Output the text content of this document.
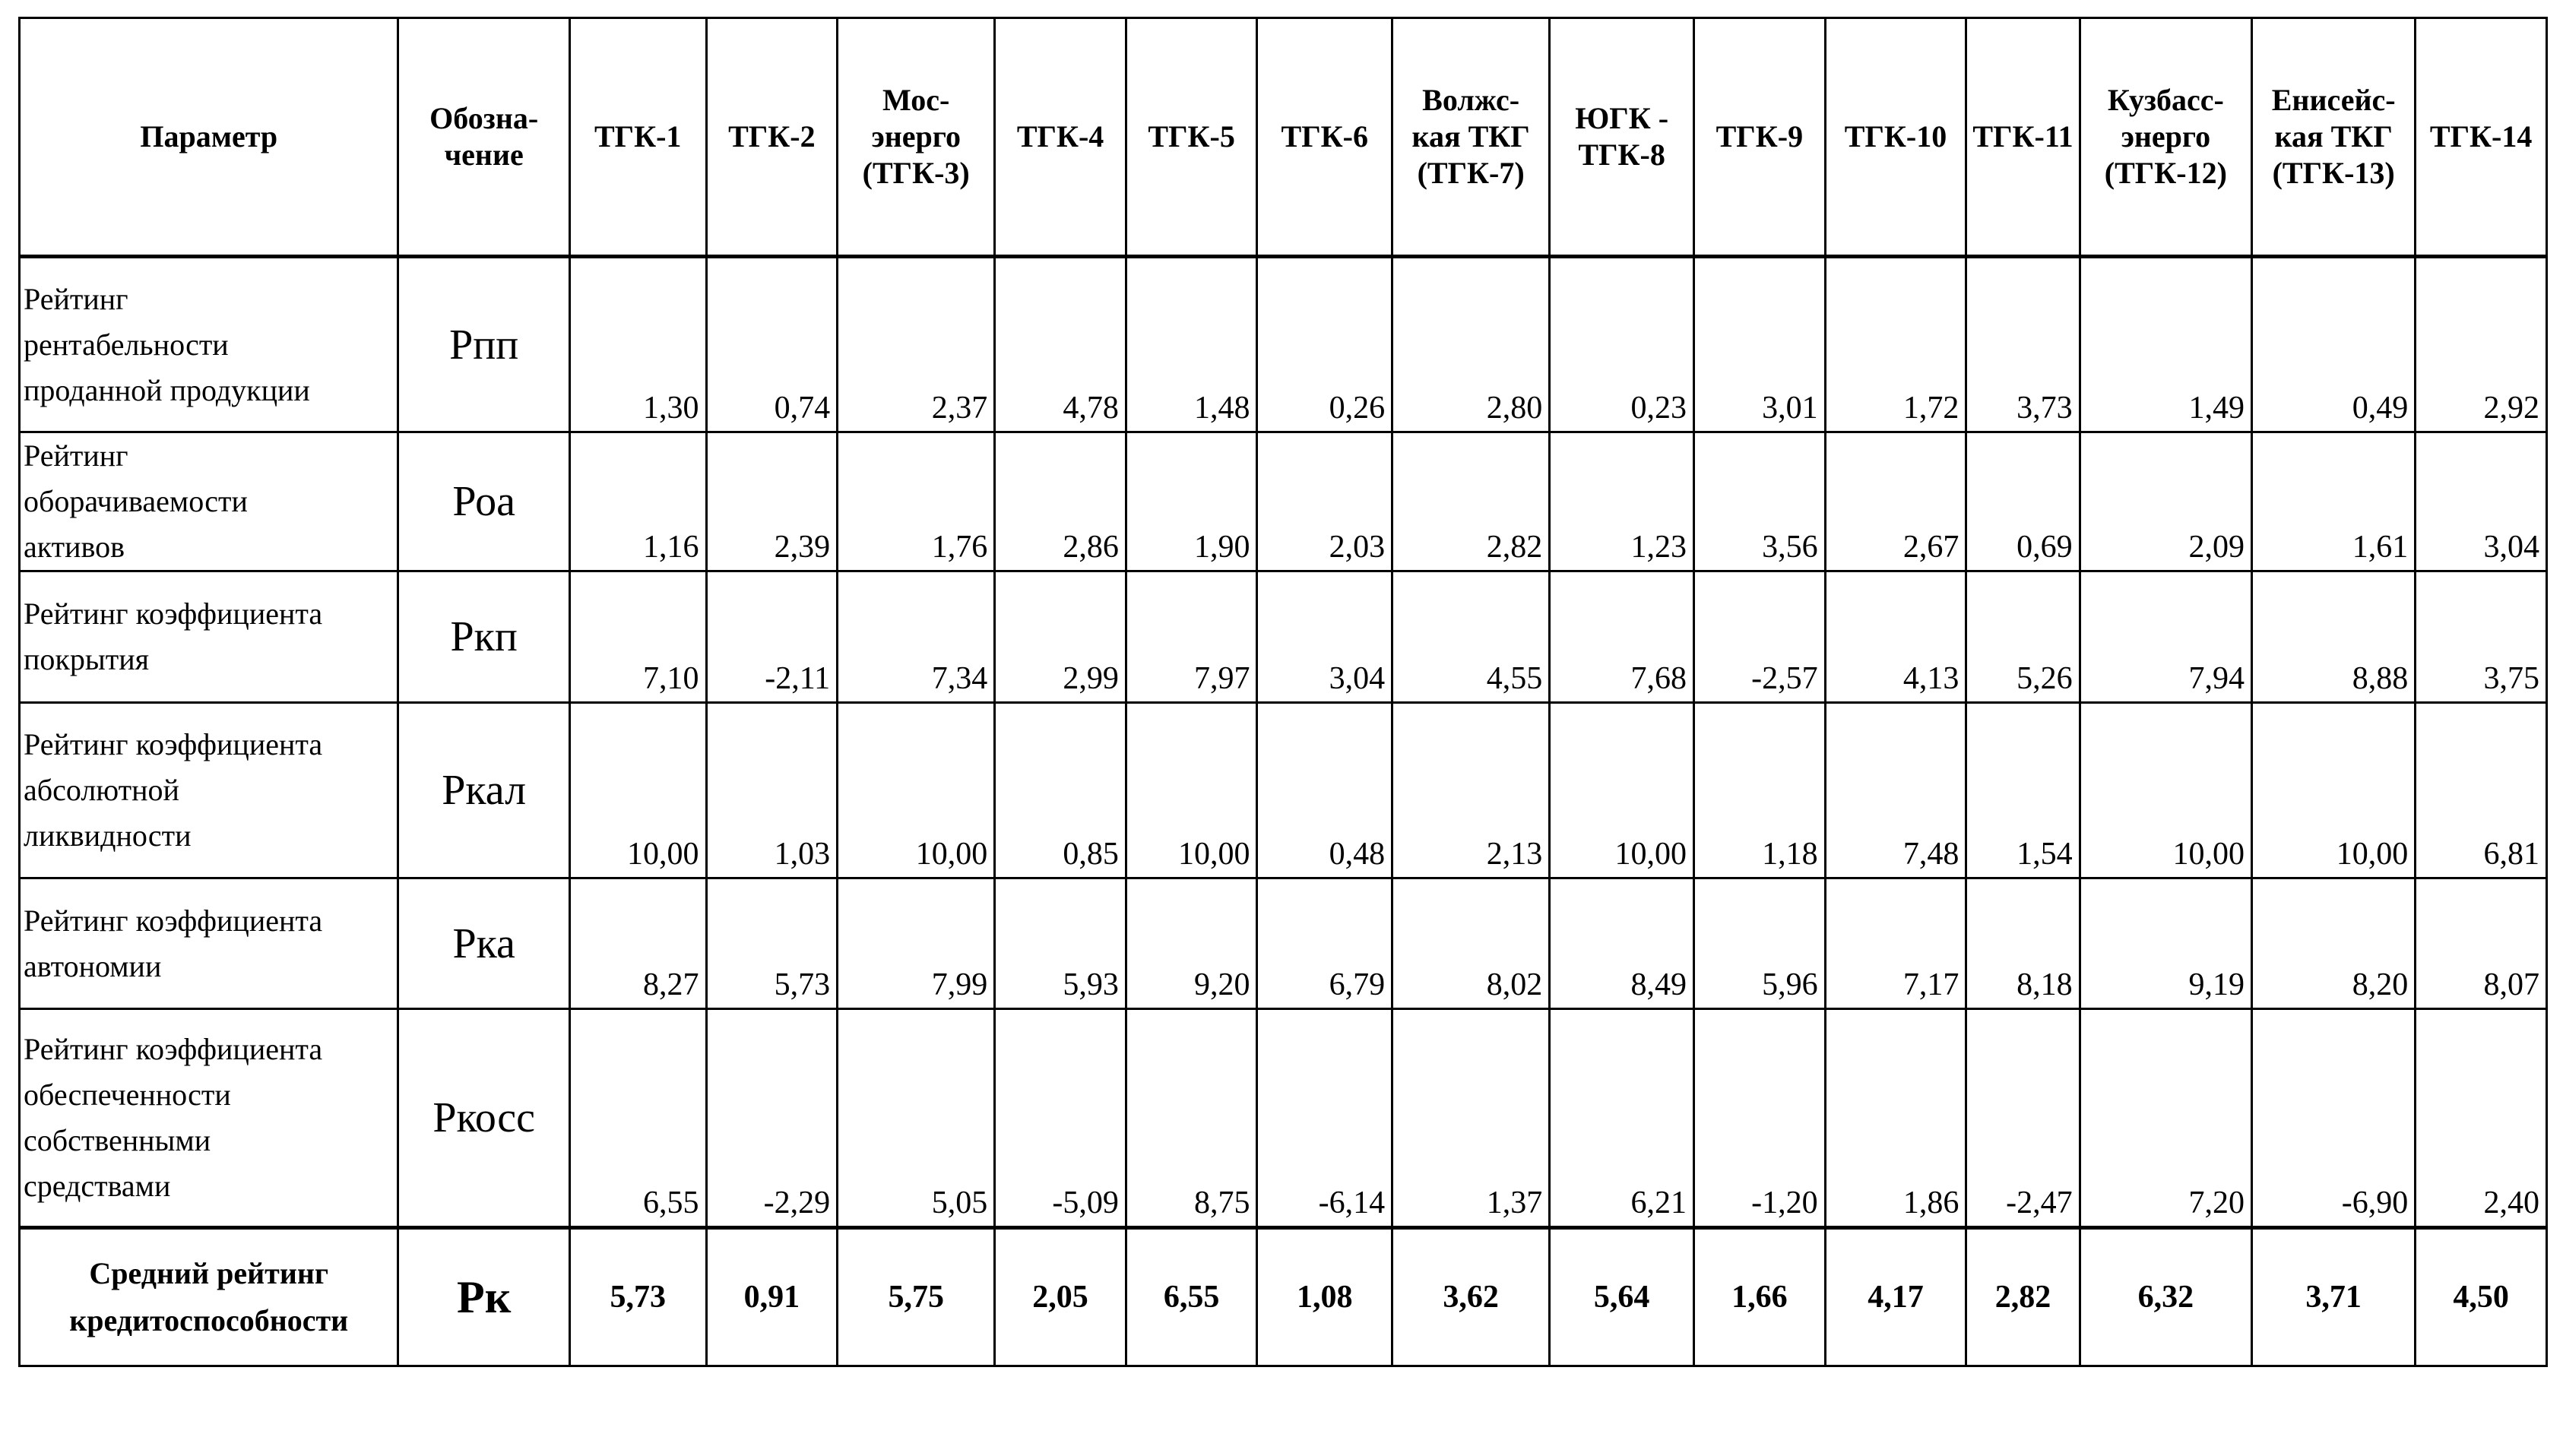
Параметр	Обозна-
чение	ТГК-1	ТГК-2	Мос-
энерго
(ТГК-3)	ТГК-4	ТГК-5	ТГК-6	Волжс-
кая ТКГ
(ТГК-7)	ЮГК -
ТГК-8	ТГК-9	ТГК-10	ТГК-11	Кузбасс-
энерго
(ТГК-12)	Енисейс-
кая ТКГ
(ТГК-13)	ТГК-14

Рейтинг
рентабельности
проданной продукции	Рпп	1,30	0,74	2,37	4,78	1,48	0,26	2,80	0,23	3,01	1,72	3,73	1,49	0,49	2,92
Рейтинг
оборачиваемости
активов	Роа	1,16	2,39	1,76	2,86	1,90	2,03	2,82	1,23	3,56	2,67	0,69	2,09	1,61	3,04
Рейтинг коэффициента
покрытия	Ркп	7,10	-2,11	7,34	2,99	7,97	3,04	4,55	7,68	-2,57	4,13	5,26	7,94	8,88	3,75
Рейтинг коэффициента
абсолютной
ликвидности	Ркал	10,00	1,03	10,00	0,85	10,00	0,48	2,13	10,00	1,18	7,48	1,54	10,00	10,00	6,81
Рейтинг коэффициента
автономии	Рка	8,27	5,73	7,99	5,93	9,20	6,79	8,02	8,49	5,96	7,17	8,18	9,19	8,20	8,07
Рейтинг коэффициента
обеспеченности
собственными
средствами	Ркосс	6,55	-2,29	5,05	-5,09	8,75	-6,14	1,37	6,21	-1,20	1,86	-2,47	7,20	-6,90	2,40
Средний рейтинг
кредитоспособности	Рк	5,73	0,91	5,75	2,05	6,55	1,08	3,62	5,64	1,66	4,17	2,82	6,32	3,71	4,50
